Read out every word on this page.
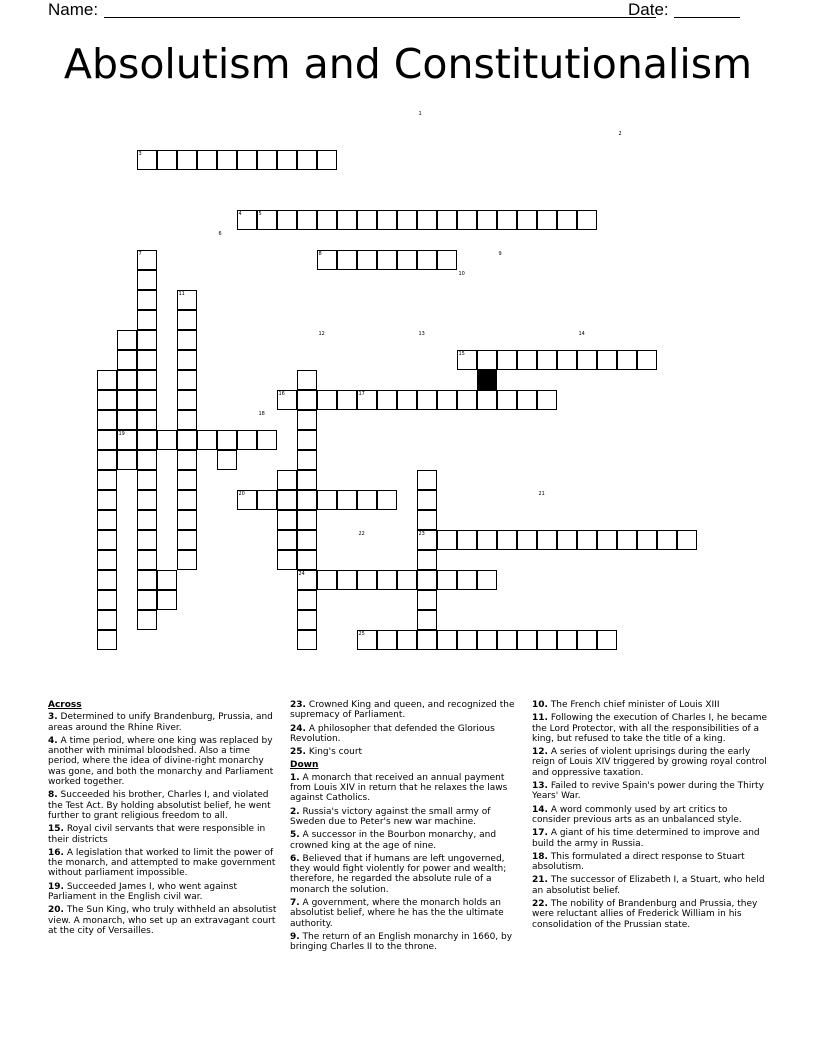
Name:	Date:
Absolutism and Constitutionalism
1
2
3
4	5
6
7	8	9
10
11
12	13	14
15
16	17
18
19
20	21
22	23
24
25
Across
3. Determined to unify Brandenburg, Prussia, and areas around the Rhine River.
4. A time period, where one king was replaced by another with minimal bloodshed. Also a time period, where the idea of divine-right monarchy was gone, and both the monarchy and Parliament worked together.
8. Succeeded his brother, Charles I, and violated the Test Act. By holding absolutist belief, he went further to grant religious freedom to all.
15. Royal civil servants that were responsible in their districts
16. A legislation that worked to limit the power of the monarch, and attempted to make government without parliament impossible.
19. Succeeded James I, who went against Parliament in the English civil war.
20. The Sun King, who truly withheld an absolutist view. A monarch, who set up an extravagant court at the city of Versailles.
23. Crowned King and queen, and recognized the supremacy of Parliament.
24. A philosopher that defended the Glorious Revolution.
25. King's court
Down
1. A monarch that received an annual payment from Louis XIV in return that he relaxes the laws against Catholics.
2. Russia's victory against the small army of Sweden due to Peter's new war machine.
5. A successor in the Bourbon monarchy, and crowned king at the age of nine.
6. Believed that if humans are left ungoverned, they would fight violently for power and wealth; therefore, he regarded the absolute rule of a monarch the solution.
7. A government, where the monarch holds an absolutist belief, where he has the the ultimate authority.
9. The return of an English monarchy in 1660, by bringing Charles II to the throne.
10. The French chief minister of Louis XIII
11. Following the execution of Charles I, he became the Lord Protector, with all the responsibilities of a king, but refused to take the title of a king.
12. A series of violent uprisings during the early reign of Louis XIV triggered by growing royal control and oppressive taxation.
13. Failed to revive Spain's power during the Thirty Years' War.
14. A word commonly used by art critics to consider previous arts as an unbalanced style.
17. A giant of his time determined to improve and build the army in Russia.
18. This formulated a direct response to Stuart absolutism.
21. The successor of Elizabeth I, a Stuart, who held an absolutist belief.
22. The nobility of Brandenburg and Prussia, they were reluctant allies of Frederick William in his consolidation of the Prussian state.
